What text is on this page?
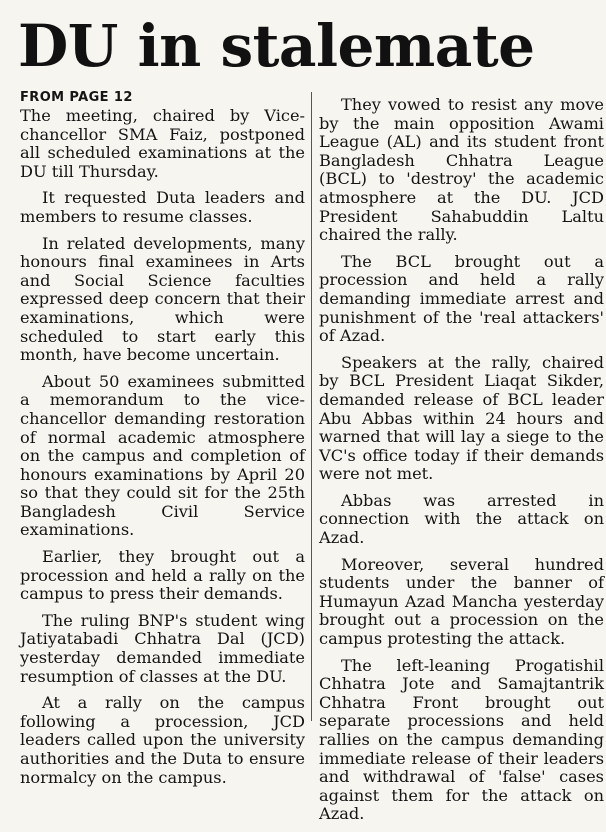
DU in stalemate
FROM PAGE 12

The meeting, chaired by Vice-chancellor SMA Faiz, postponed all scheduled examinations at the DU till Thursday.

It requested Duta leaders and members to resume classes.

In related developments, many honours final examinees in Arts and Social Science faculties expressed deep concern that their examinations, which were scheduled to start early this month, have become uncertain.

About 50 examinees submitted a memorandum to the vice-chancellor demanding restoration of normal academic atmosphere on the campus and completion of honours examinations by April 20 so that they could sit for the 25th Bangladesh Civil Service examinations.

Earlier, they brought out a procession and held a rally on the campus to press their demands.

The ruling BNP's student wing Jatiyatabadi Chhatra Dal (JCD) yesterday demanded immediate resumption of classes at the DU.

At a rally on the campus following a procession, JCD leaders called upon the university authorities and the Duta to ensure normalcy on the campus.

They vowed to resist any move by the main opposition Awami League (AL) and its student front Bangladesh Chhatra League (BCL) to 'destroy' the academic atmosphere at the DU. JCD President Sahabuddin Laltu chaired the rally.

The BCL brought out a procession and held a rally demanding immediate arrest and punishment of the 'real attackers' of Azad.

Speakers at the rally, chaired by BCL President Liaqat Sikder, demanded release of BCL leader Abu Abbas within 24 hours and warned that will lay a siege to the VC's office today if their demands were not met.

Abbas was arrested in connection with the attack on Azad.

Moreover, several hundred students under the banner of Humayun Azad Mancha yesterday brought out a procession on the campus protesting the attack.

The left-leaning Progatishil Chhatra Jote and Samajtantrik Chhatra Front brought out separate processions and held rallies on the campus demanding immediate release of their leaders and withdrawal of 'false' cases against them for the attack on Azad.
